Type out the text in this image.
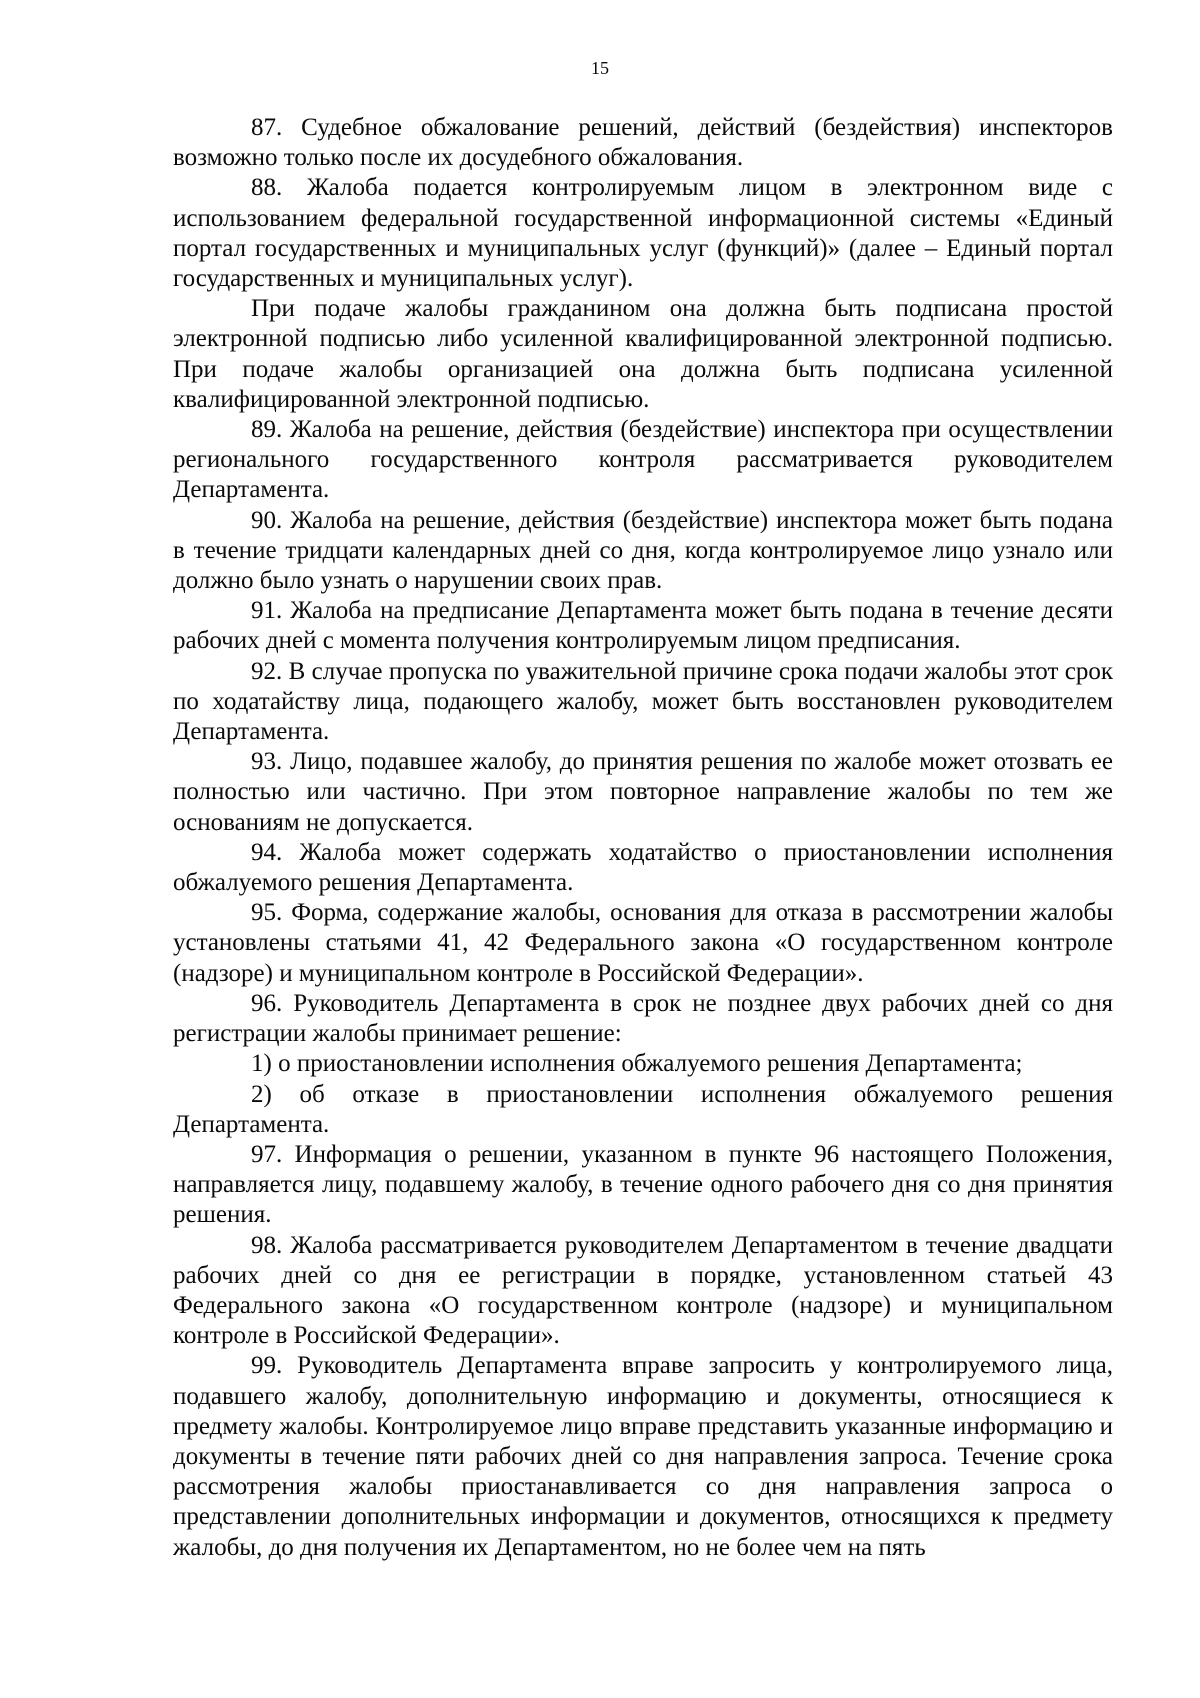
15

87. Судебное обжалование решений, действий (бездействия) инспекторов возможно только после их досудебного обжалования.

88. Жалоба подается контролируемым лицом в электронном виде с использованием федеральной государственной информационной системы «Единый портал государственных и муниципальных услуг (функций)» (далее – Единый портал государственных и муниципальных услуг).

При подаче жалобы гражданином она должна быть подписана простой электронной подписью либо усиленной квалифицированной электронной подписью. При подаче жалобы организацией она должна быть подписана усиленной квалифицированной электронной подписью.

89. Жалоба на решение, действия (бездействие) инспектора при осуществлении регионального государственного контроля рассматривается руководителем Департамента.

90. Жалоба на решение, действия (бездействие) инспектора может быть подана в течение тридцати календарных дней со дня, когда контролируемое лицо узнало или должно было узнать о нарушении своих прав.

91. Жалоба на предписание Департамента может быть подана в течение десяти рабочих дней с момента получения контролируемым лицом предписания.

92. В случае пропуска по уважительной причине срока подачи жалобы этот срок по ходатайству лица, подающего жалобу, может быть восстановлен руководителем Департамента.

93. Лицо, подавшее жалобу, до принятия решения по жалобе может отозвать ее полностью или частично. При этом повторное направление жалобы по тем же основаниям не допускается.

94. Жалоба может содержать ходатайство о приостановлении исполнения обжалуемого решения Департамента.

95. Форма, содержание жалобы, основания для отказа в рассмотрении жалобы установлены статьями 41, 42 Федерального закона «О государственном контроле (надзоре) и муниципальном контроле в Российской Федерации».

96. Руководитель Департамента в срок не позднее двух рабочих дней со дня регистрации жалобы принимает решение:

1) о приостановлении исполнения обжалуемого решения Департамента;

2) об отказе в приостановлении исполнения обжалуемого решения Департамента.

97. Информация о решении, указанном в пункте 96 настоящего Положения, направляется лицу, подавшему жалобу, в течение одного рабочего дня со дня принятия решения.

98. Жалоба рассматривается руководителем Департаментом в течение двадцати рабочих дней со дня ее регистрации в порядке, установленном статьей 43 Федерального закона «О государственном контроле (надзоре) и муниципальном контроле в Российской Федерации».

99. Руководитель Департамента вправе запросить у контролируемого лица, подавшего жалобу, дополнительную информацию и документы, относящиеся к предмету жалобы. Контролируемое лицо вправе представить указанные информацию и документы в течение пяти рабочих дней со дня направления запроса. Течение срока рассмотрения жалобы приостанавливается со дня направления запроса о представлении дополнительных информации и документов, относящихся к предмету жалобы, до дня получения их Департаментом, но не более чем на пять
